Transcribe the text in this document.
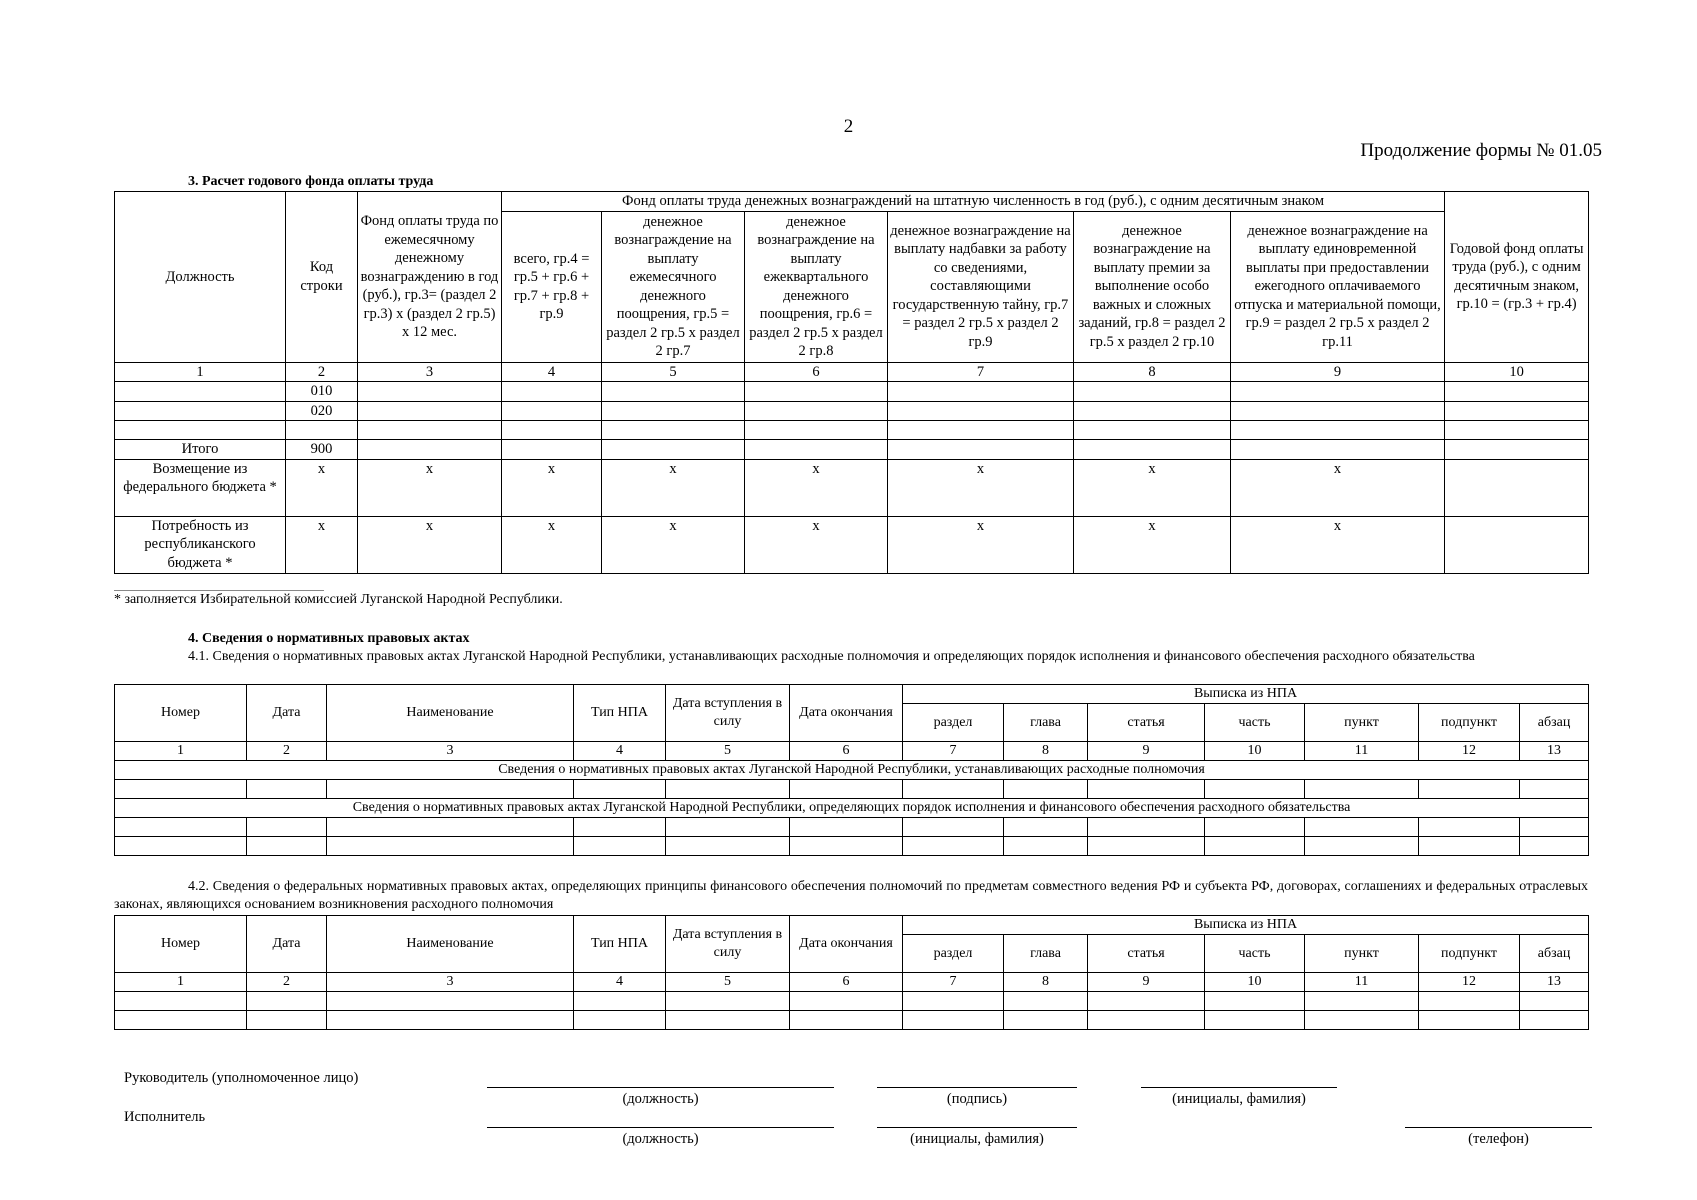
2
Продолжение формы № 01.05
3. Расчет годового фонда оплаты труда
Должность	Код строки	Фонд оплаты труда по ежемесячному денежному вознаграждению в год (руб.), гр.3= (раздел 2 гр.3) х (раздел 2 гр.5) х 12 мес.	Фонд оплаты труда денежных вознаграждений на штатную численность в год (руб.), с одним десятичным знаком						Годовой фонд оплаты труда (руб.), с одним десятичным знаком, гр.10 = (гр.3 + гр.4)
			всего, гр.4 = гр.5 + гр.6 + гр.7 + гр.8 + гр.9	денежное вознаграждение на выплату ежемесячного денежного поощрения, гр.5 = раздел 2 гр.5 х раздел 2 гр.7	денежное вознаграждение на выплату ежеквартального денежного поощрения, гр.6 = раздел 2 гр.5 х раздел 2 гр.8	денежное вознаграждение на выплату надбавки за работу со сведениями, составляющими государственную тайну, гр.7 = раздел 2 гр.5 х раздел 2 гр.9	денежное вознаграждение на выплату премии за выполнение особо важных и сложных заданий, гр.8 = раздел 2 гр.5 х раздел 2 гр.10	денежное вознаграждение на выплату единовременной выплаты при предоставлении ежегодного оплачиваемого отпуска и материальной помощи, гр.9 = раздел 2 гр.5 х раздел 2 гр.11	
1	2	3	4	5	6	7	8	9	10
	010								
	020								

Итого	900								
Возмещение из федерального бюджета *	х	х	х	х	х	х	х	х	
Потребность из республиканского бюджета *	х	х	х	х	х	х	х	х	
* заполняется Избирательной комиссией Луганской Народной Республики.
4. Сведения о нормативных правовых актах
4.1. Сведения о нормативных правовых актах Луганской Народной Республики, устанавливающих расходные полномочия и определяющих порядок исполнения и финансового обеспечения расходного обязательства
Номер	Дата	Наименование	Тип НПА	Дата вступления в силу	Дата окончания	Выписка из НПА						
						раздел	глава	статья	часть	пункт	подпункт	абзац
1	2	3	4	5	6	7	8	9	10	11	12	13
Сведения о нормативных правовых актах Луганской Народной Республики, устанавливающих расходные полномочия												

Сведения о нормативных правовых актах Луганской Народной Республики, определяющих порядок исполнения и финансового обеспечения расходного обязательства												

4.2. Сведения о федеральных нормативных правовых актах, определяющих принципы финансового обеспечения полномочий по предметам совместного ведения РФ и субъекта РФ, договорах, соглашениях и федеральных отраслевых законах, являющихся основанием возникновения расходного полномочия
Номер	Дата	Наименование	Тип НПА	Дата вступления в силу	Дата окончания	Выписка из НПА						
						раздел	глава	статья	часть	пункт	подпункт	абзац
1	2	3	4	5	6	7	8	9	10	11	12	13

Руководитель (уполномоченное лицо)
(должность)	(подпись)	(инициалы, фамилия)
Исполнитель
(должность)	(инициалы, фамилия)	(телефон)
